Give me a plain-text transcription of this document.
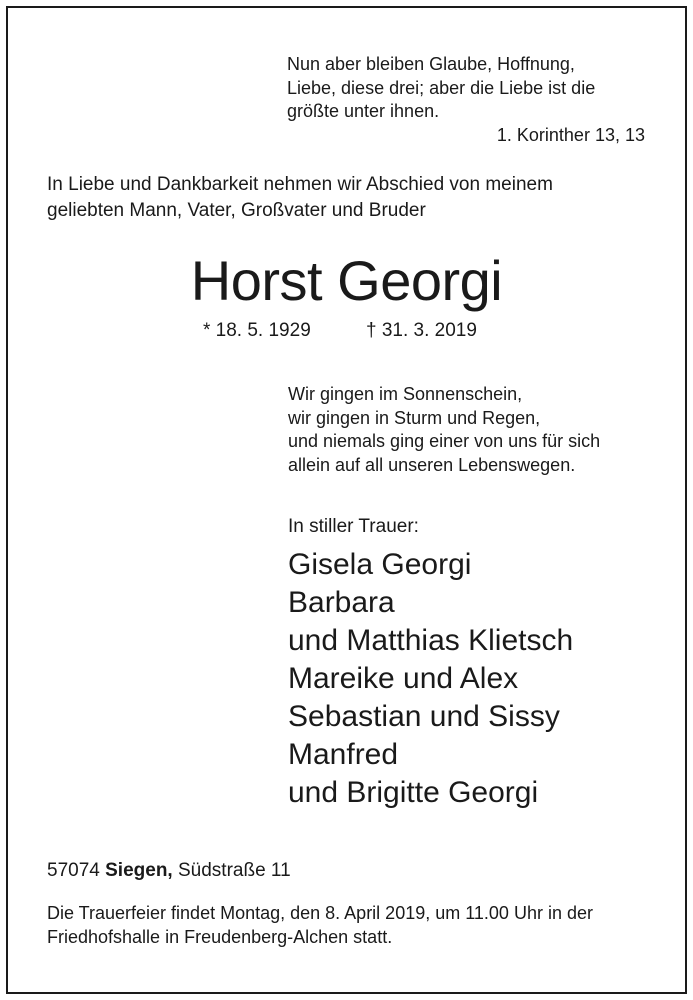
Nun aber bleiben Glaube, Hoffnung,
Liebe, diese drei; aber die Liebe ist die
größte unter ihnen.
1. Korinther 13, 13
In Liebe und Dankbarkeit nehmen wir Abschied von meinem
geliebten Mann, Vater, Großvater und Bruder
Horst Georgi
* 18. 5. 1929	† 31. 3. 2019
Wir gingen im Sonnenschein,
wir gingen in Sturm und Regen,
und niemals ging einer von uns für sich
allein auf all unseren Lebenswegen.
In stiller Trauer:
Gisela Georgi
Barbara
und Matthias Klietsch
Mareike und Alex
Sebastian und Sissy
Manfred
und Brigitte Georgi
57074 Siegen, Südstraße 11
Die Trauerfeier findet Montag, den 8. April 2019, um 11.00 Uhr in der
Friedhofshalle in Freudenberg-Alchen statt.
